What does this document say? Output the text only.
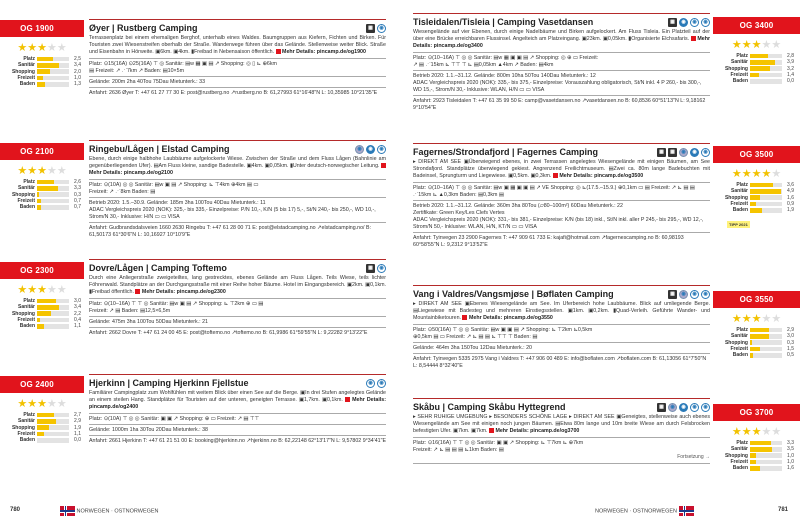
OG 1900
★★★★★
Platz	2,5
Sanitär	3,4
Shopping	2,0
Freizeit	1,0
Baden	1,3
Øyer | Rustberg Camping	▦	◉
Terrassenplatz bei einem ehemaligen Berghof, unterhalb eines Waldes. Baumgruppen aus Kiefern, Fichten und Birken. Für Touristen zwei Wiesenstreifen oberhalb der Straße. Wanderwege führen über das Gelände. Stellenweise weiter Blick. Straße und Eisenbahn in Hörweite. ▣6km. ▣4km. ▮Freibad in Nebensaison öffentlich. Mehr Details: pincamp.de/og1900
Platz: ⊙15(16A) ⊙25(16A) ⊤ ◎ Sanitär: ▤w ▦ ▣ ▤ ↗ Shopping: ◎ ▯ ⊾ ⊕6km
▤ Freizeit: ↗ ⋰7km ↗ Baden: ▤10×5m
Gelände: 200m 2ha 40Tou 75Dau Mietunterk.: 33
Anfahrt: 2636 Øyer T: +47 61 27 77 30 E: post@rustberg.no ↗rustberg.no B: 61,27993 61°16'48"N L: 10,35985 10°21'35"E
OG 2100
★★★★★
Platz	2,6
Sanitär	3,3
Shopping	0,3
Freizeit	0,7
Baden	0,7
Ringebu/Lågen | Elstad Camping	◉	◉	◉
Ebene, durch einige halbhohe Laubbäume aufgelockerte Wiese. Zwischen der Straße und dem Fluss Lågen (Bahnlinie am gegenüberliegenden Ufer). ▤Am Fluss kleine, sandige Badestelle. ▣4km. ▣0,05km. ▮Unter deutsch-norwegischer Leitung.  Mehr Details: pincamp.de/og2100
Platz: ⊙(10A) ◎ ◎ Sanitär: ▤w ▣ ▤ ↗ Shopping: ⊾ ⊤4km ⊕4km ▤ ▭
Freizeit: ↗ ⋰8km Baden: ▤
Betrieb 2020: 1.5.–30.9. Gelände: 185m 3ha 100Tou 40Dau Mietunterk.: 11
ADAC Vergleichspreis 2020 (NOK): 325,- bis 335,- Einzelpreise: P/N 10,-, K/N (5 bis 17) 5,-, St/N 240,- bis 250,-, WD 10,-, Strom/N 30,- Inklusive: H/N ▭ ▭ VISA
Anfahrt: Gudbrandsdalsveien 1660 2630 Ringebu T: +47 61 28 00 71 E: post@elstadcamping.no ↗elstadcamping.no/ B: 61,50173 61°30'6"N L: 10,16927 10°10'9"E
OG 2300
★★★★★
Platz	3,0
Sanitär	3,4
Shopping	2,2
Freizeit	0,4
Baden	1,1
Dovre/Lågen | Camping Toftemo	▦	◉
Durch eine Anliegerstraße zweigeteiltes, lang gestrecktes, ebenes Gelände am Fluss Lågen. Teils Wiese, teils lichter Föhrenwald. Standplätze an der Durchgangsstraße mit einer Reihe hoher Bäume. Hotel im Eingangsbereich. ▣2km. ▣0,1km. ▮Freibad öffentlich. Mehr Details: pincamp.de/og2300
Platz: ⊙(10–16A) ⊤ ⊤ ◎ Sanitär: ▤w ▣ ▤ ↗ Shopping: ⊾ ⊤2km ⊕ ▭ ▤
Freizeit: ↗ ▤ Baden: ▤12,5×6,5m
Gelände: 475m 3ha 100Tou 50Dau Mietunterk.: 21
Anfahrt: 2662 Dovre T: +47 61 24 00 45 E: post@toftemo.no ↗toftemo.no B: 61,9986 61°59'55"N L: 9,22282 9°13'22"E
OG 2400
★★★★★
Platz	2,7
Sanitär	2,9
Shopping	1,9
Freizeit	1,1
Baden	0,0
Hjerkinn | Camping Hjerkinn Fjellstue	◉	◉
Familiärer Campingplatz zum Wohlfühlen mit weitem Blick über einen See auf die Berge. ▣In drei Stufen angelegtes Gelände an einem steilen Hang. Standplätze für Touristen auf der unteren, geneigten Terrasse. ▣1,7km. ▣0,1km. Mehr Details: pincamp.de/og2400
Platz: ⊙(10A) ⊤ ◎ ◎ Sanitär: ▣ ▣ ↗ Shopping: ⊕ ▭ Freizeit: ↗ ▤ ⊤⊤
Gelände: 1000m 1ha 30Tou 20Dau Mietunterk.: 38
Anfahrt: 2661 Hjerkinn T: +47 61 21 51 00 E: booking@hjerkinn.no ↗hjerkinn.no B: 62,22148 62°13'17"N L: 9,57802 9°34'41"E
780	NORWEGEN · OSTNORWEGEN
OG 3400
★★★★★
Platz	2,8
Sanitär	3,9
Shopping	3,2
Freizeit	1,4
Baden	0,0
Tisleidalen/Tisleia | Camping Vasetdansen	▦	◉	◉	◉
Wiesengelände auf vier Ebenen, durch einige Nadelbäume und Birken aufgelockert. Am Fluss Tisleia. Ein Platzteil auf der über eine Brücke erreichbaren Flussinsel. Angelteich am Platzeingang. ▣23km. ▣0,05km. ▮Organisierte Elchsafaris. Mehr Details: pincamp.de/og3400
Platz: ⊙(10–16A) ⊤ ◎ ◎ Sanitär: ▤w ▦ ▣ ▣ ▤ ↗ Shopping: ◎ ⊕ ▭ Freizeit:
↗ ▤ ⋰15km ⊾ ⊤⊤ ⊤ ⊾ ▤0,05km ▲4km ↗ Baden: ▤4km
Betrieb 2020: 1.1.–31.12. Gelände: 800m 10ha 50Tou 140Dau Mietunterk.: 12
ADAC Vergleichspreis 2020 (NOK): 335,- bis 375,- Einzelpreise: Vorauszahlung obligatorisch, St/N inkl. 4 P 260,- bis 300,-, WD 15,-, Strom/N 30,- Inklusive: WLAN, H/N ▭ ▭ VISA
Anfahrt: 2923 Tisleidalen T: +47 61 35 99 50 E: camp@vasetdansen.no ↗vasetdansen.no B: 60,8536 60°51'13"N L: 9,18162 9°10'54"E
OG 3500
★★★★★
Platz	3,6
Sanitär	4,9
Shopping	1,6
Freizeit	0,9
Baden	1,9
TIPP 2021
Fagernes/Strondafjord | Fagernes Camping	▦	▦	◉	◉	◉
▸ DIREKT AM SEE ▣Überwiegend ebenes, in zwei Terrassen angelegtes Wiesengelände mit einigen Bäumen, am See Strondafjord. Standplätze überwiegend gekiest. Angrenzend Freilichtmuseum. ▤Zwei ca. 80m lange Badebuchten mit Badeinsel, Sprungturm und Liegewiese. ▣0,5km. ▣0,3km. Mehr Details: pincamp.de/og3500
Platz: ⊙(10–16A) ⊤ ◎ ◎ Sanitär: ▤w ▣ ▦ ▣ ▣ ▤ ↗ VE Shopping: ◎ ⊾(17.5.–15.9.) ⊕0,1km ▭ ▤ Freizeit: ↗ ⊾ ▤ ▤ ⋰15km ⊾ ▲0,3km Baden: ▤0,3km ▤
Betrieb 2020: 1.1.–31.12. Gelände: 360m 3ha 80Tou (▱80–100m²) 60Dau Mietunterk.: 22
Zertifikate: Green Key/Les Clefs Vertes
ADAC Vergleichspreis 2020 (NOK): 331,- bis 381,- Einzelpreise: K/N (bis 18) inkl., St/N inkl. aller P 245,- bis 295,-, WD 12,-, Strom/N 50,- Inklusive: WLAN, H/N, KT/N ▭ ▭ VISA
Anfahrt: Tyinvegen 23 2900 Fagernes T: +47 909 61 733 E: kajafi@hotmail.com ↗fagernescamping.no B: 60,98193 60°58'55"N L: 9,2312 9°13'52"E
OG 3550
★★★★★
Platz	2,9
Sanitär	3,0
Shopping	0,3
Freizeit	1,5
Baden	0,5
Vang i Valdres/Vangsmjøse | Bøflaten Camping	▦	◉	◉	◉
▸ DIREKT AM SEE ▣Ebenes Wiesengelände am See. Im Uferbereich hohe Laubbäume. Blick auf umliegende Berge. ▤Liegewiese mit Badesteg und mehreren Einstiegsstellen. ▣1km. ▣0,2km. ▮Quad-Verleih. Geführte Wander- und Mountainbiketouren. Mehr Details: pincamp.de/og3550
Platz: ⊙50(16A) ⊤ ◎ ◎ Sanitär: ▤w ▣ ▣ ▤ ↗ Shopping: ⊾ ⊤2km ⊾0,5km
⊕0,5km ▤ ▭ Freizeit: ↗ ⊾ ▤ ▤ ⊾ ⊤⊤ ⊤ Baden: ▤
Gelände: 464m 3ha 150Tou 12Dau Mietunterk.: 20
Anfahrt: Tyinvegen 5335 2975 Vang i Valdres T: +47 906 00 489 E: info@boflaten.com ↗boflaten.com B: 61,13056 61°7'50"N L: 8,54444 8°32'40"E
OG 3700
★★★★★
Platz	3,3
Sanitär	3,5
Shopping	1,0
Freizeit	1,0
Baden	1,6
Skåbu | Camping Skåbu Hyttegrend	▦	◉	◉	◉	◉
▸ SEHR RUHIGE UMGEBUNG ▸ BESONDERS SCHÖNE LAGE ▸ DIREKT AM SEE ▣Geneigtes, stellenweise auch ebenes Wiesengelände am See mit einigen noch jungen Bäumen. ▤Etwa 80m lange und 10m breite Wiese am durch Felsbrocken befestigten Ufer. ▣7km. ▣7km. Mehr Details: pincamp.de/og3700
Platz: ⊙16(16A) ⊤ ⊤ ◎ ◎ Sanitär: ▣ ▣ ↗ Shopping: ⊾ ⊤7km ⊾ ⊕7km
Freizeit: ↗ ⊾ ▤ ▤ ▤ ⊾1km Baden: ▤
Fortsetzung →
781
NORWEGEN · OSTNORWEGEN
